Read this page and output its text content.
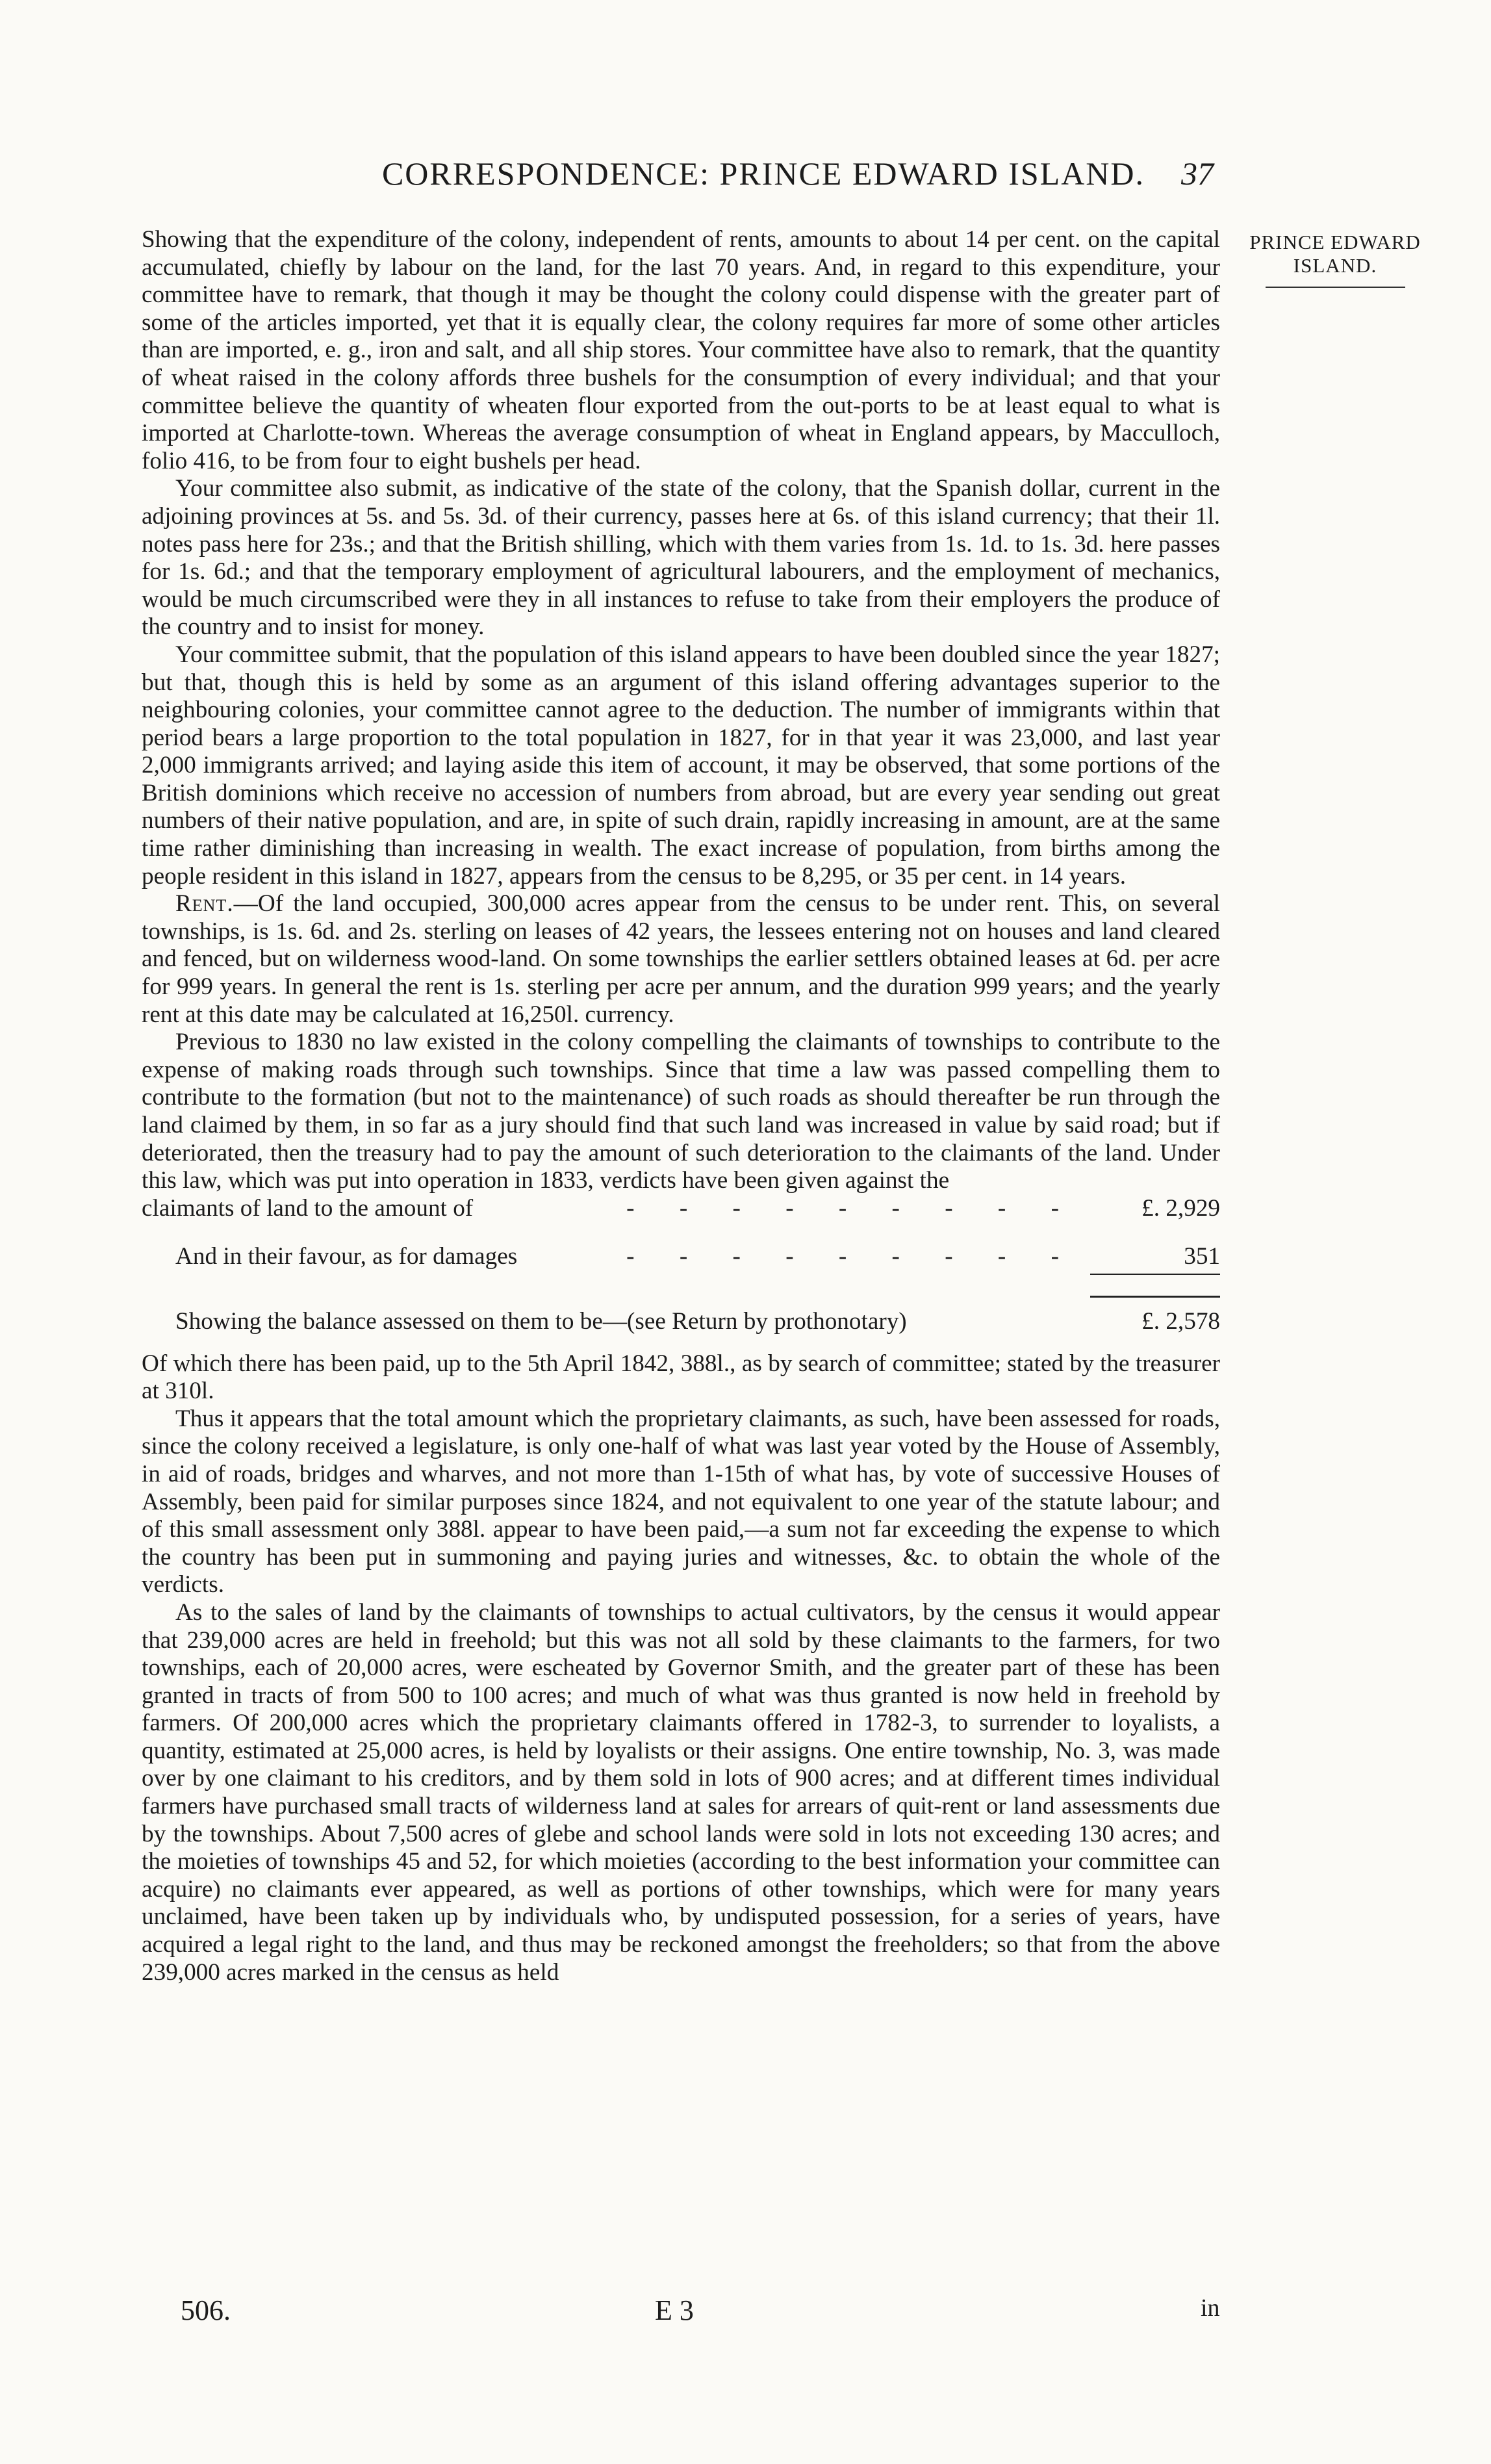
CORRESPONDENCE: PRINCE EDWARD ISLAND.	37
PRINCE EDWARD
ISLAND.

Showing that the expenditure of the colony, independent of rents, amounts to about 14 per cent. on the capital accumulated, chiefly by labour on the land, for the last 70 years. And, in regard to this expenditure, your committee have to remark, that though it may be thought the colony could dispense with the greater part of some of the articles imported, yet that it is equally clear, the colony requires far more of some other articles than are imported, e. g., iron and salt, and all ship stores. Your committee have also to remark, that the quantity of wheat raised in the colony affords three bushels for the consumption of every individual; and that your committee believe the quantity of wheaten flour exported from the out-ports to be at least equal to what is imported at Charlotte-town. Whereas the average consumption of wheat in England appears, by Macculloch, folio 416, to be from four to eight bushels per head.

Your committee also submit, as indicative of the state of the colony, that the Spanish dollar, current in the adjoining provinces at 5s. and 5s. 3d. of their currency, passes here at 6s. of this island currency; that their 1l. notes pass here for 23s.; and that the British shilling, which with them varies from 1s. 1d. to 1s. 3d. here passes for 1s. 6d.; and that the temporary employment of agricultural labourers, and the employment of mechanics, would be much circumscribed were they in all instances to refuse to take from their employers the produce of the country and to insist for money.

Your committee submit, that the population of this island appears to have been doubled since the year 1827; but that, though this is held by some as an argument of this island offering advantages superior to the neighbouring colonies, your committee cannot agree to the deduction. The number of immigrants within that period bears a large proportion to the total population in 1827, for in that year it was 23,000, and last year 2,000 immigrants arrived; and laying aside this item of account, it may be observed, that some portions of the British dominions which receive no accession of numbers from abroad, but are every year sending out great numbers of their native population, and are, in spite of such drain, rapidly increasing in amount, are at the same time rather diminishing than increasing in wealth. The exact increase of population, from births among the people resident in this island in 1827, appears from the census to be 8,295, or 35 per cent. in 14 years.

Rent.—Of the land occupied, 300,000 acres appear from the census to be under rent. This, on several townships, is 1s. 6d. and 2s. sterling on leases of 42 years, the lessees entering not on houses and land cleared and fenced, but on wilderness wood-land. On some townships the earlier settlers obtained leases at 6d. per acre for 999 years. In general the rent is 1s. sterling per acre per annum, and the duration 999 years; and the yearly rent at this date may be calculated at 16,250l. currency.

Previous to 1830 no law existed in the colony compelling the claimants of townships to contribute to the expense of making roads through such townships. Since that time a law was passed compelling them to contribute to the formation (but not to the maintenance) of such roads as should thereafter be run through the land claimed by them, in so far as a jury should find that such land was increased in value by said road; but if deteriorated, then the treasury had to pay the amount of such deterioration to the claimants of the land. Under this law, which was put into operation in 1833, verdicts have been given against the

claimants of land to the amount of	- - - - - - - - -	£. 2,929
And in their favour, as for damages	- - - - - - - - -	351
Showing the balance assessed on them to be—(see Return by prothonotary)	£. 2,578

Of which there has been paid, up to the 5th April 1842, 388l., as by search of committee; stated by the treasurer at 310l.

Thus it appears that the total amount which the proprietary claimants, as such, have been assessed for roads, since the colony received a legislature, is only one-half of what was last year voted by the House of Assembly, in aid of roads, bridges and wharves, and not more than 1-15th of what has, by vote of successive Houses of Assembly, been paid for similar purposes since 1824, and not equivalent to one year of the statute labour; and of this small assessment only 388l. appear to have been paid,—a sum not far exceeding the expense to which the country has been put in summoning and paying juries and witnesses, &c. to obtain the whole of the verdicts.

As to the sales of land by the claimants of townships to actual cultivators, by the census it would appear that 239,000 acres are held in freehold; but this was not all sold by these claimants to the farmers, for two townships, each of 20,000 acres, were escheated by Governor Smith, and the greater part of these has been granted in tracts of from 500 to 100 acres; and much of what was thus granted is now held in freehold by farmers. Of 200,000 acres which the proprietary claimants offered in 1782-3, to surrender to loyalists, a quantity, estimated at 25,000 acres, is held by loyalists or their assigns. One entire township, No. 3, was made over by one claimant to his creditors, and by them sold in lots of 900 acres; and at different times individual farmers have purchased small tracts of wilderness land at sales for arrears of quit-rent or land assessments due by the townships. About 7,500 acres of glebe and school lands were sold in lots not exceeding 130 acres; and the moieties of townships 45 and 52, for which moieties (according to the best information your committee can acquire) no claimants ever appeared, as well as portions of other townships, which were for many years unclaimed, have been taken up by individuals who, by undisputed possession, for a series of years, have acquired a legal right to the land, and thus may be reckoned amongst the freeholders; so that from the above 239,000 acres marked in the census as held

506.	E 3	in
